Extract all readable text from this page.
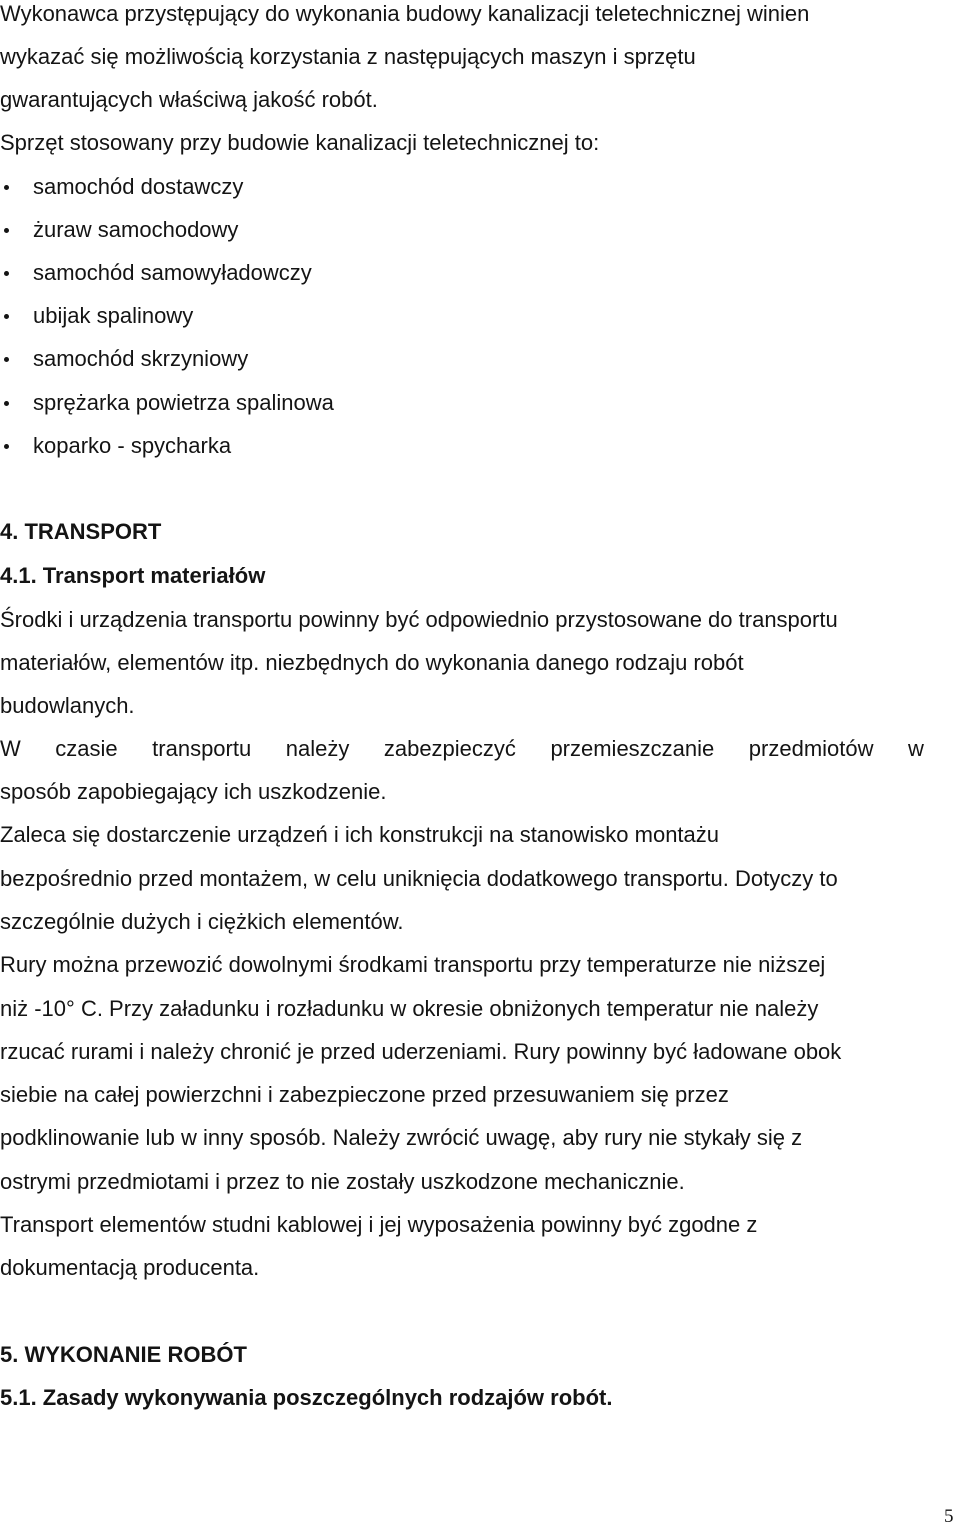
Wykonawca przystępujący do wykonania budowy kanalizacji teletechnicznej winien

wykazać się możliwością korzystania z następujących maszyn i sprzętu

gwarantujących właściwą jakość robót.

Sprzęt stosowany przy budowie kanalizacji teletechnicznej to:

samochód dostawczy
żuraw samochodowy
samochód samowyładowczy
ubijak spalinowy
samochód skrzyniowy
sprężarka powietrza spalinowa
koparko - spycharka
4. TRANSPORT
4.1. Transport materiałów

Środki i urządzenia transportu powinny być odpowiednio przystosowane do transportu

materiałów, elementów itp. niezbędnych do wykonania danego rodzaju robót

budowlanych.

W czasie transportu należy zabezpieczyć przemieszczanie przedmiotów w

sposób zapobiegający ich uszkodzenie.

Zaleca się dostarczenie urządzeń i ich konstrukcji na stanowisko montażu

bezpośrednio przed montażem, w celu uniknięcia dodatkowego transportu. Dotyczy to

szczególnie dużych i ciężkich elementów.

Rury można przewozić dowolnymi środkami transportu przy temperaturze nie niższej

niż -10° C. Przy załadunku i rozładunku w okresie obniżonych temperatur nie należy

rzucać rurami i należy chronić je przed uderzeniami. Rury powinny być ładowane obok

siebie na całej powierzchni i zabezpieczone przed przesuwaniem się przez

podklinowanie lub w inny sposób. Należy zwrócić uwagę, aby rury nie stykały się z

ostrymi przedmiotami i przez to nie zostały uszkodzone mechanicznie.

Transport elementów studni kablowej i jej wyposażenia powinny być zgodne z

dokumentacją producenta.

5. WYKONANIE ROBÓT
5.1. Zasady wykonywania poszczególnych rodzajów robót.
5
